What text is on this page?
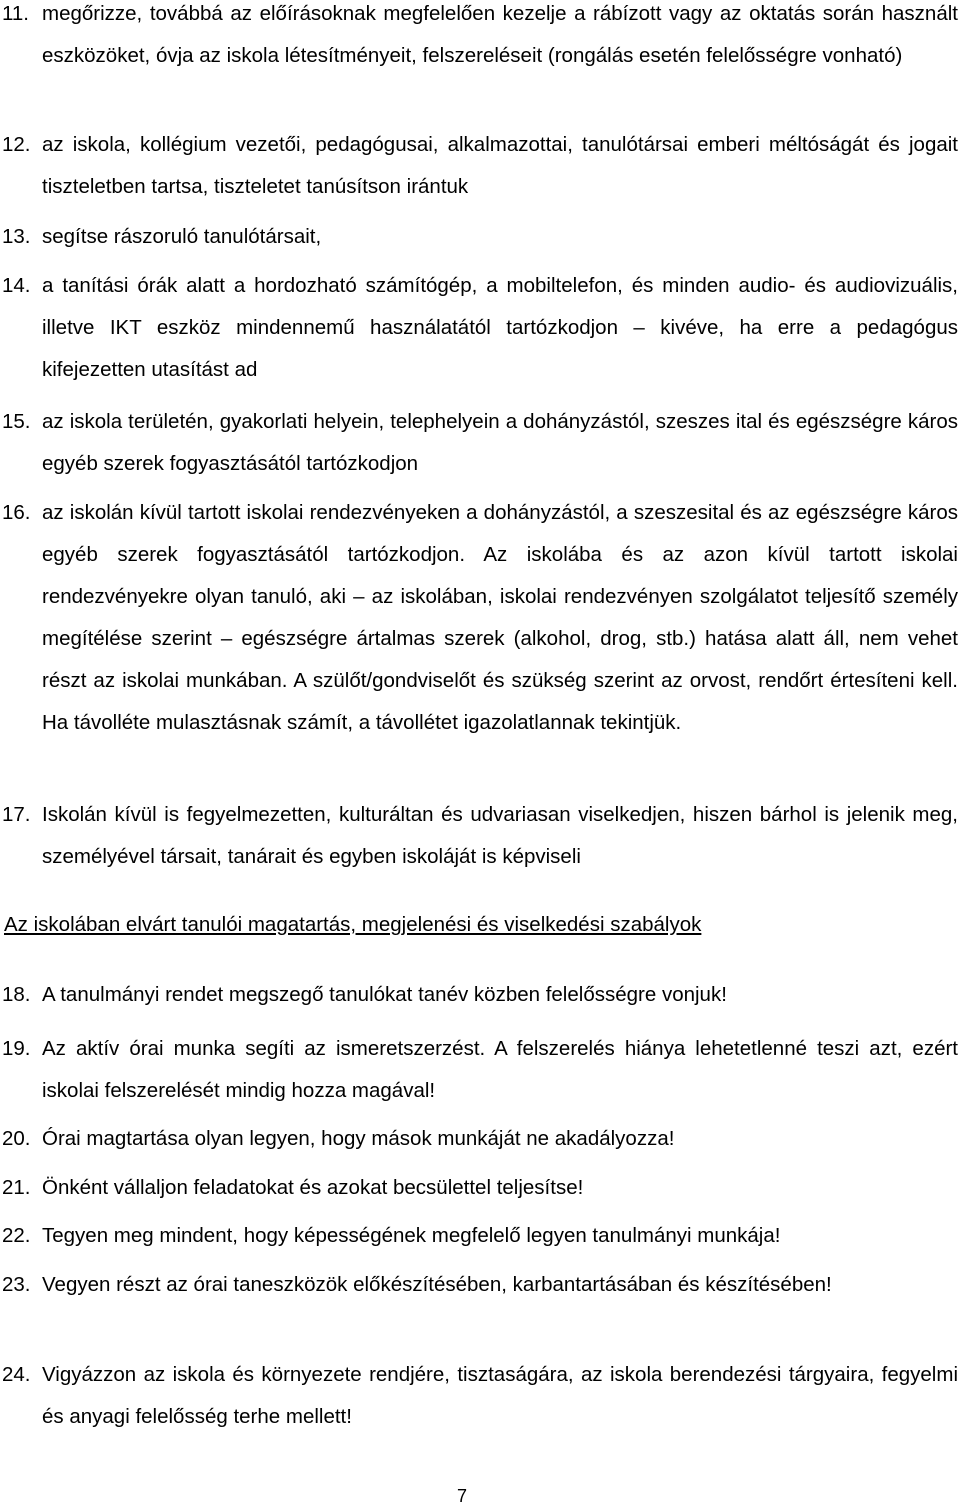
11. megőrizze, továbbá az előírásoknak megfelelően kezelje a rábízott vagy az oktatás során használt eszközöket, óvja az iskola létesítményeit, felszereléseit (rongálás esetén felelősségre vonható)
12. az iskola, kollégium vezetői, pedagógusai, alkalmazottai, tanulótársai emberi méltóságát és jogait tiszteletben tartsa, tiszteletet tanúsítson irántuk
13. segítse rászoruló tanulótársait,
14. a tanítási órák alatt a hordozható számítógép, a mobiltelefon, és minden audio- és audiovizuális, illetve IKT eszköz mindennemű használatától tartózkodjon – kivéve, ha erre a pedagógus kifejezetten utasítást ad
15. az iskola területén, gyakorlati helyein, telephelyein a dohányzástól, szeszes ital és egészségre káros egyéb szerek fogyasztásától tartózkodjon
16. az iskolán kívül tartott iskolai rendezvényeken a dohányzástól, a szeszesital és az egészségre káros egyéb szerek fogyasztásától tartózkodjon. Az iskolába és az azon kívül tartott iskolai rendezvényekre olyan tanuló, aki – az iskolában, iskolai rendezvényen szolgálatot teljesítő személy megítélése szerint – egészségre ártalmas szerek (alkohol, drog, stb.) hatása alatt áll, nem vehet részt az iskolai munkában. A szülőt/gondviselőt és szükség szerint az orvost, rendőrt értesíteni kell. Ha távolléte mulasztásnak számít, a távollétet igazolatlannak tekintjük.
17. Iskolán kívül is fegyelmezetten, kulturáltan és udvariasan viselkedjen, hiszen bárhol is jelenik meg, személyével társait, tanárait és egyben iskoláját is képviseli
Az iskolában elvárt tanulói magatartás, megjelenési és viselkedési szabályok
18. A tanulmányi rendet megszegő tanulókat tanév közben felelősségre vonjuk!
19. Az aktív órai munka segíti az ismeretszerzést. A felszerelés hiánya lehetetlenné teszi azt, ezért iskolai felszerelését mindig hozza magával!
20. Órai magtartása olyan legyen, hogy mások munkáját ne akadályozza!
21. Önként vállaljon feladatokat és azokat becsülettel teljesítse!
22. Tegyen meg mindent, hogy képességének megfelelő legyen tanulmányi munkája!
23. Vegyen részt az órai taneszközök előkészítésében, karbantartásában és készítésében!
24. Vigyázzon az iskola és környezete rendjére, tisztaságára, az iskola berendezési tárgyaira, fegyelmi és anyagi felelősség terhe mellett!
7
